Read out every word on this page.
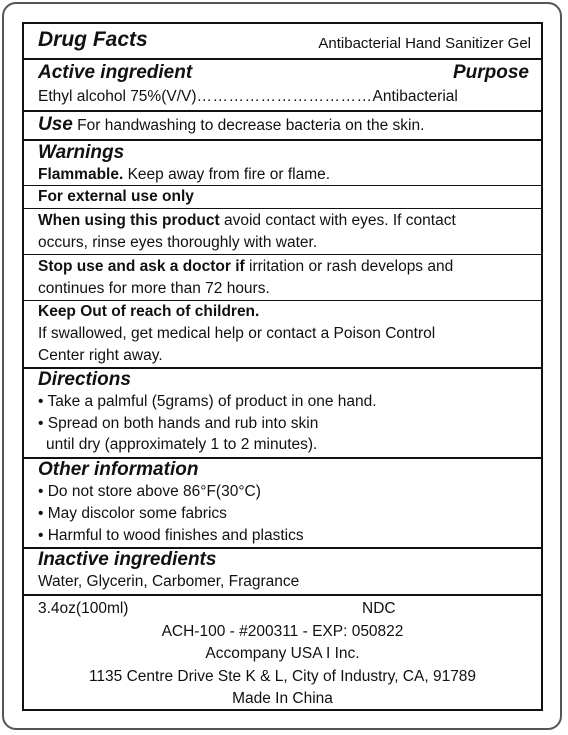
Drug Facts	Antibacterial Hand Sanitizer Gel
Active ingredient	Purpose
Ethyl alcohol 75%(V/V)……………………………Antibacterial
Use For handwashing to decrease bacteria on the skin.
Warnings
Flammable. Keep away from fire or flame.
For external use only
When using this product avoid contact with eyes. If contact
occurs, rinse eyes thoroughly with water.
Stop use and ask a doctor if irritation or rash develops and
continues for more than 72 hours.
Keep Out of reach of children.
If swallowed, get medical help or contact a Poison Control
Center right away.
Directions
• Take a palmful (5grams) of product in one hand.
• Spread on both hands and rub into skin
until dry (approximately 1 to 2 minutes).
Other information
• Do not store above 86°F(30°C)
• May discolor some fabrics
• Harmful to wood finishes and plastics
Inactive ingredients
Water, Glycerin, Carbomer, Fragrance
3.4oz(100ml)	NDC
ACH-100 - #200311 - EXP: 050822
Accompany USA I Inc.
1135 Centre Drive Ste K & L, City of Industry, CA, 91789
Made In China
